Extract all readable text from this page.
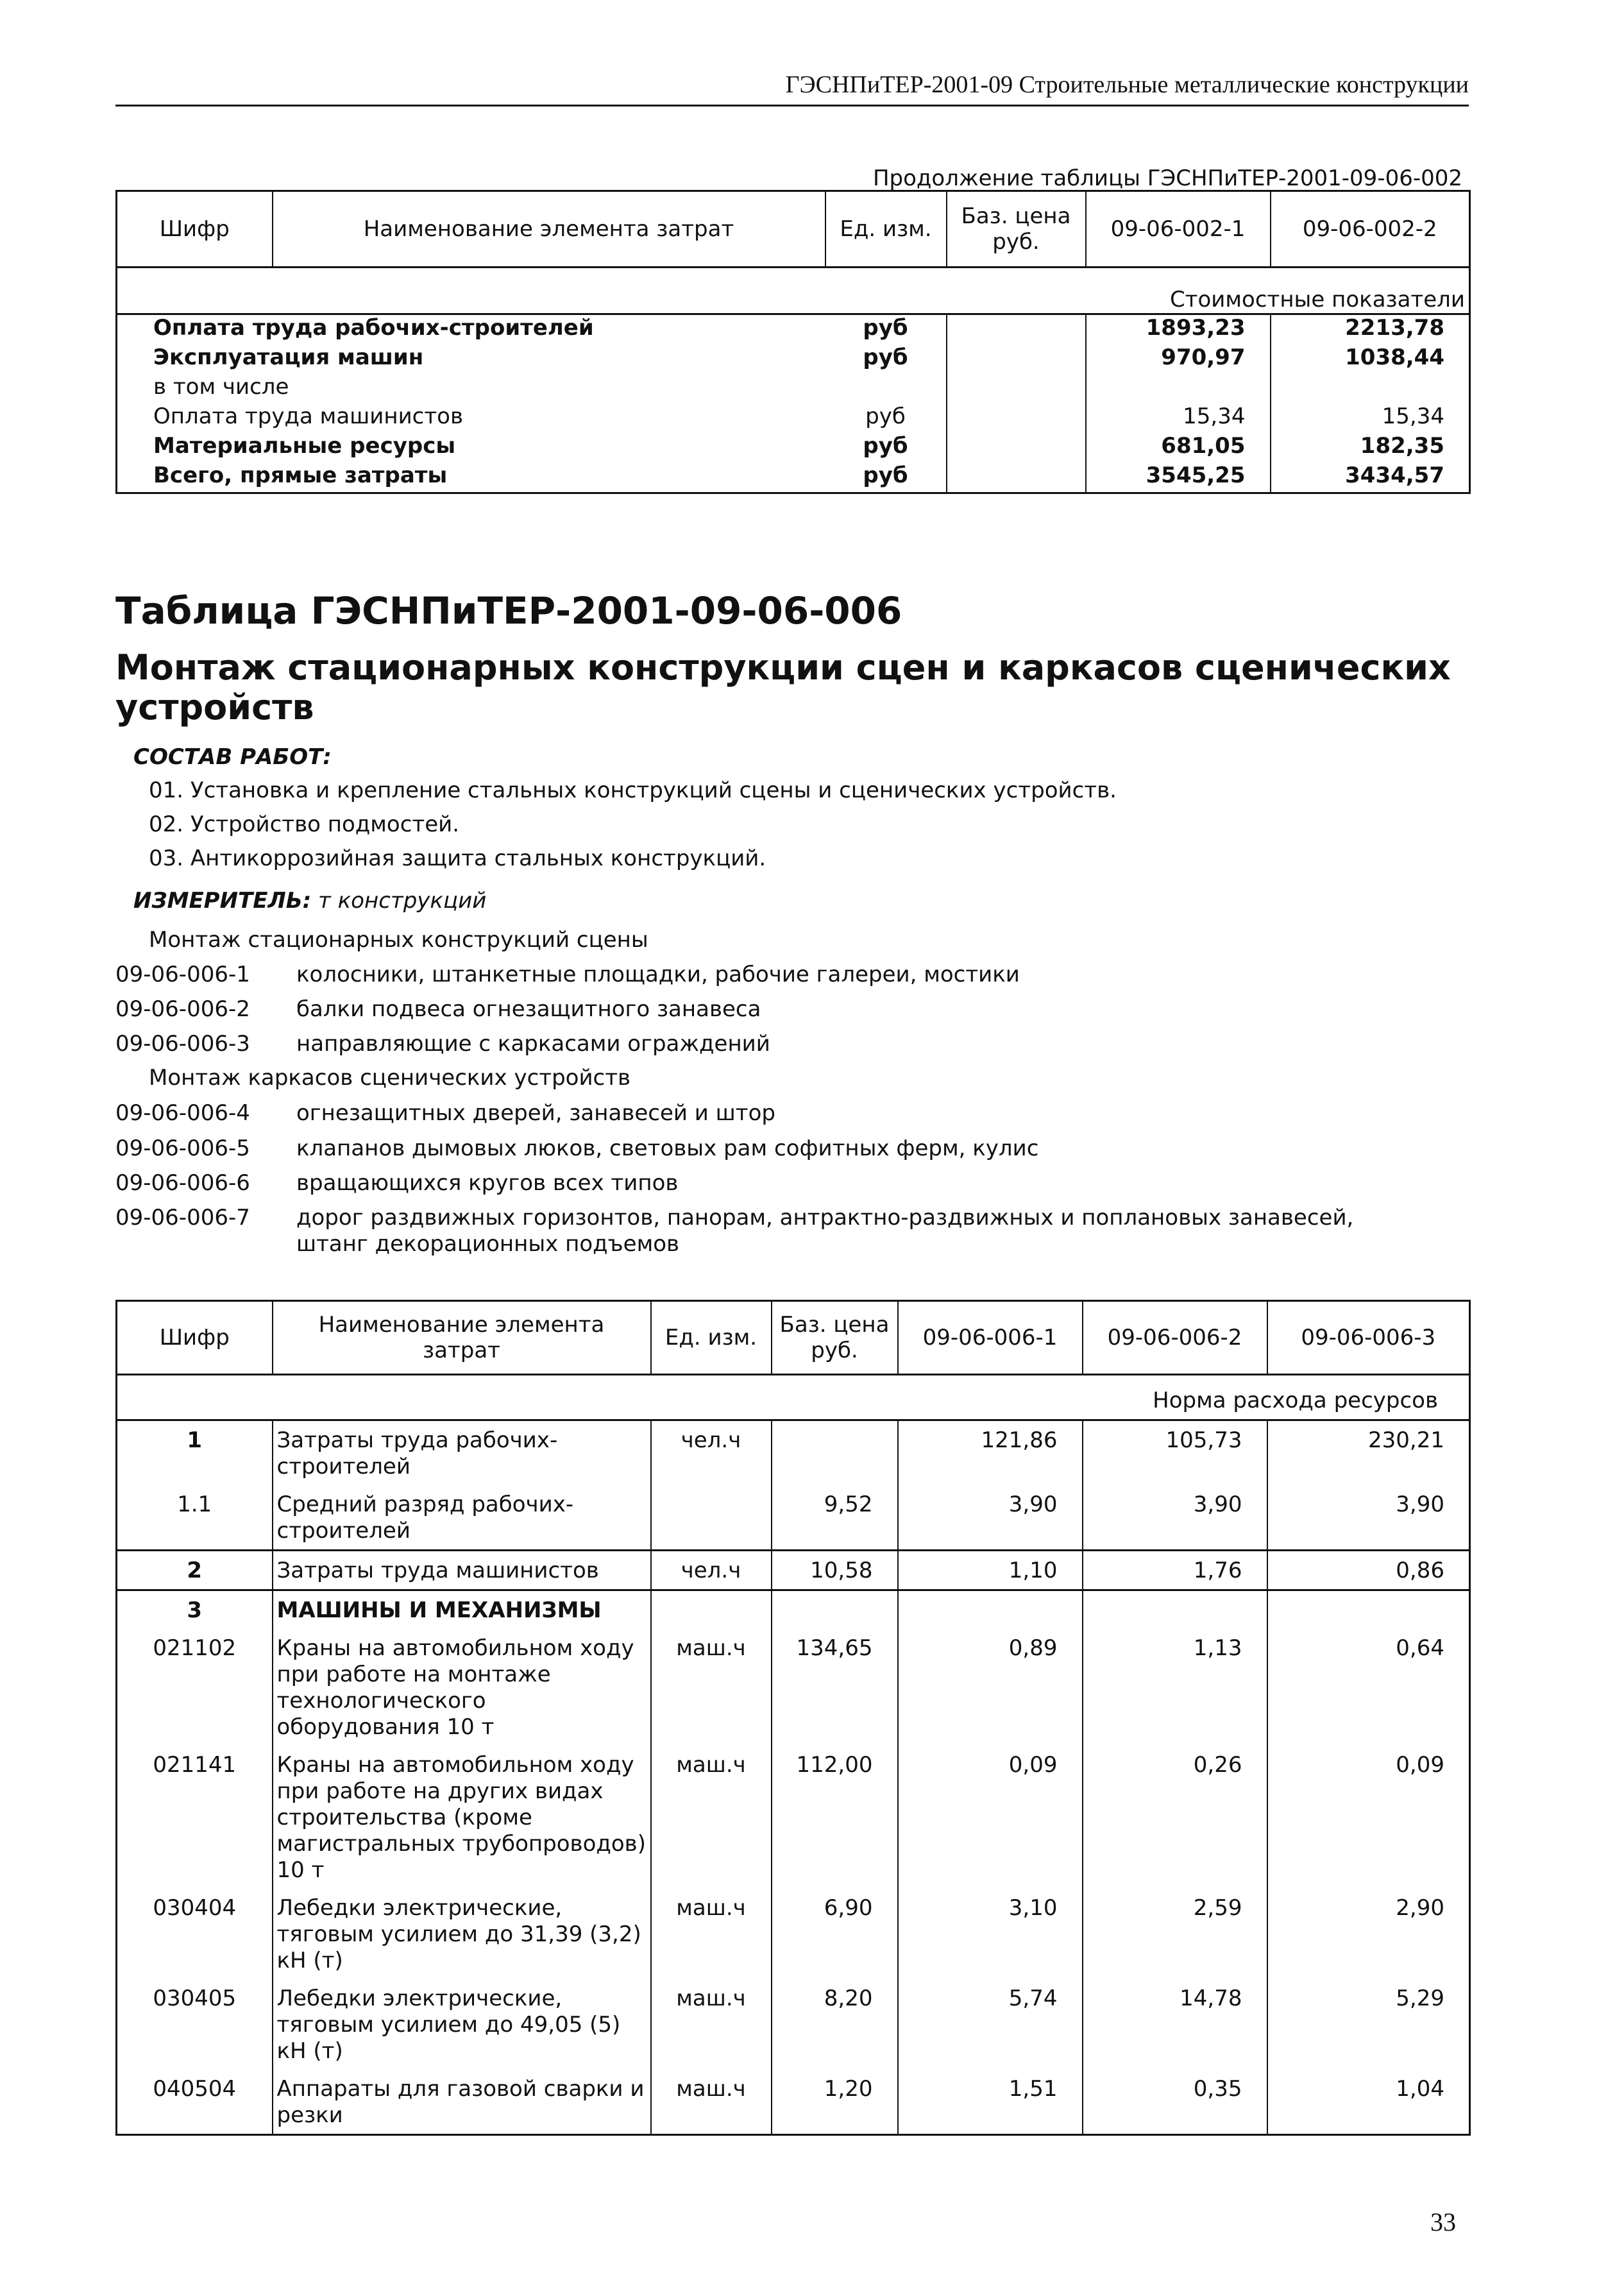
ГЭСНПиТЕР-2001-09 Строительные металлические конструкции
Продолжение таблицы ГЭСНПиТЕР-2001-09-06-002
Шифр	Наименование элемента затрат	Ед. изм.	Баз. цена руб.	09-06-002-1	09-06-002-2
Стоимостные показатели					
Оплата труда рабочих-строителей		руб		1893,23	2213,78
Эксплуатация машин		руб		970,97	1038,44
в том числе					
Оплата труда машинистов		руб		15,34	15,34
Материальные ресурсы		руб		681,05	182,35
Всего, прямые затраты		руб		3545,25	3434,57
Таблица ГЭСНПиТЕР-2001-09-06-006
Монтаж стационарных конструкции сцен и каркасов сценических устройств
СОСТАВ РАБОТ:
01. Установка и крепление стальных конструкций сцены и сценических устройств.
02. Устройство подмостей.
03. Антикоррозийная защита стальных конструкций.
ИЗМЕРИТЕЛЬ: т конструкций
Монтаж стационарных конструкций сцены
09-06-006-1 колосники, штанкетные площадки, рабочие галереи, мостики
09-06-006-2 балки подвеса огнезащитного занавеса
09-06-006-3 направляющие с каркасами ограждений
Монтаж каркасов сценических устройств
09-06-006-4 огнезащитных дверей, занавесей и штор
09-06-006-5 клапанов дымовых люков, световых рам софитных ферм, кулис
09-06-006-6 вращающихся кругов всех типов
09-06-006-7 дорог раздвижных горизонтов, панорам, антрактно-раздвижных и поплановых занавесей, штанг декорационных подъемов
Шифр	Наименование элемента затрат	Ед. изм.	Баз. цена руб.	09-06-006-1	09-06-006-2	09-06-006-3
Норма расхода ресурсов						
1	Затраты труда рабочих-строителей	чел.ч		121,86	105,73	230,21
1.1	Средний разряд рабочих-строителей		9,52	3,90	3,90	3,90
2	Затраты труда машинистов	чел.ч	10,58	1,10	1,76	0,86
3	МАШИНЫ И МЕХАНИЗМЫ					
021102	Краны на автомобильном ходу при работе на монтаже технологического оборудования 10 т	маш.ч	134,65	0,89	1,13	0,64
021141	Краны на автомобильном ходу при работе на других видах строительства (кроме магистральных трубопроводов) 10 т	маш.ч	112,00	0,09	0,26	0,09
030404	Лебедки электрические, тяговым усилием до 31,39 (3,2) кН (т)	маш.ч	6,90	3,10	2,59	2,90
030405	Лебедки электрические, тяговым усилием до 49,05 (5) кН (т)	маш.ч	8,20	5,74	14,78	5,29
040504	Аппараты для газовой сварки и резки	маш.ч	1,20	1,51	0,35	1,04
33
